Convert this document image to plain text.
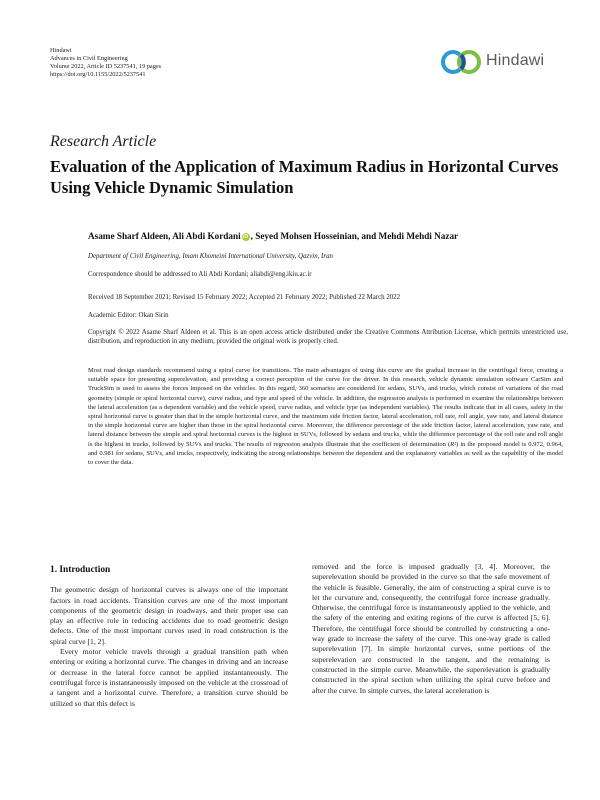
Hindawi
Advances in Civil Engineering
Volume 2022, Article ID 5237541, 19 pages
https://doi.org/10.1155/2022/5237541
Hindawi
Research Article
Evaluation of the Application of Maximum Radius in Horizontal Curves Using Vehicle Dynamic Simulation
Asame Sharf Aldeen, Ali Abdi Kordani iD , Seyed Mohsen Hosseinian, and Mehdi Mehdi Nazar
Department of Civil Engineering, Imam Khomeini International University, Qazvin, Iran
Correspondence should be addressed to Ali Abdi Kordani; aliabdi@eng.ikiu.ac.ir
Received 18 September 2021; Revised 15 February 2022; Accepted 21 February 2022; Published 22 March 2022
Academic Editor: Okan Sirin
Copyright © 2022 Asame Sharf Aldeen et al. This is an open access article distributed under the Creative Commons Attribution License, which permits unrestricted use, distribution, and reproduction in any medium, provided the original work is properly cited.
Most road design standards recommend using a spiral curve for transitions. The main advantages of using this curve are the gradual increase in the centrifugal force, creating a suitable space for presenting superelevation, and providing a correct perception of the curve for the driver. In this research, vehicle dynamic simulation software CarSim and TruckSim is used to assess the forces imposed on the vehicles. In this regard, 360 scenarios are considered for sedans, SUVs, and trucks, which consist of variations of the road geometry (simple or spiral horizontal curve), curve radius, and type and speed of the vehicle. In addition, the regression analysis is performed to examine the relationships between the lateral acceleration (as a dependent variable) and the vehicle speed, curve radius, and vehicle type (as independent variables). The results indicate that in all cases, safety in the spiral horizontal curve is greater than that in the simple horizontal curve, and the maximum side friction factor, lateral acceleration, roll rate, roll angle, yaw rate, and lateral distance in the simple horizontal curve are higher than those in the spiral horizontal curve. Moreover, the difference percentage of the side friction factor, lateral acceleration, yaw rate, and lateral distance between the simple and spiral horizontal curves is the highest in SUVs, followed by sedans and trucks, while the difference percentage of the roll rate and roll angle is the highest in trucks, followed by SUVs and trucks. The results of regression analysis illustrate that the coefficient of determination (R²) in the proposed model is 0.972, 0.964, and 0.981 for sedans, SUVs, and trucks, respectively, indicating the strong relationships between the dependent and the explanatory variables as well as the capability of the model to cover the data.
1. Introduction

The geometric design of horizontal curves is always one of the important factors in road accidents. Transition curves are one of the most important components of the geometric design in roadways, and their proper use can play an effective role in reducing accidents due to road geometric design defects. One of the most important curves used in road construction is the spiral curve [1, 2].

Every motor vehicle travels through a gradual transition path when entering or exiting a horizontal curve. The changes in driving and an increase or decrease in the lateral force cannot be applied instantaneously. The centrifugal force is instantaneously imposed on the vehicle at the crossroad of a tangent and a horizontal curve. Therefore, a transition curve should be utilized so that this defect is

removed and the force is imposed gradually [3, 4]. Moreover, the superelevation should be provided in the curve so that the safe movement of the vehicle is feasible. Generally, the aim of constructing a spiral curve is to let the curvature and, consequently, the centrifugal force increase gradually. Otherwise, the centrifugal force is instantaneously applied to the vehicle, and the safety of the entering and exiting regions of the curve is affected [5, 6]. Therefore, the centrifugal force should be controlled by constructing a one-way grade to increase the safety of the curve. This one-way grade is called superelevation [7]. In simple horizontal curves, some portions of the superelevation are constructed in the tangent, and the remaining is constructed in the simple curve. Meanwhile, the superelevation is gradually constructed in the spiral section when utilizing the spiral curve before and after the curve. In simple curves, the lateral acceleration is
